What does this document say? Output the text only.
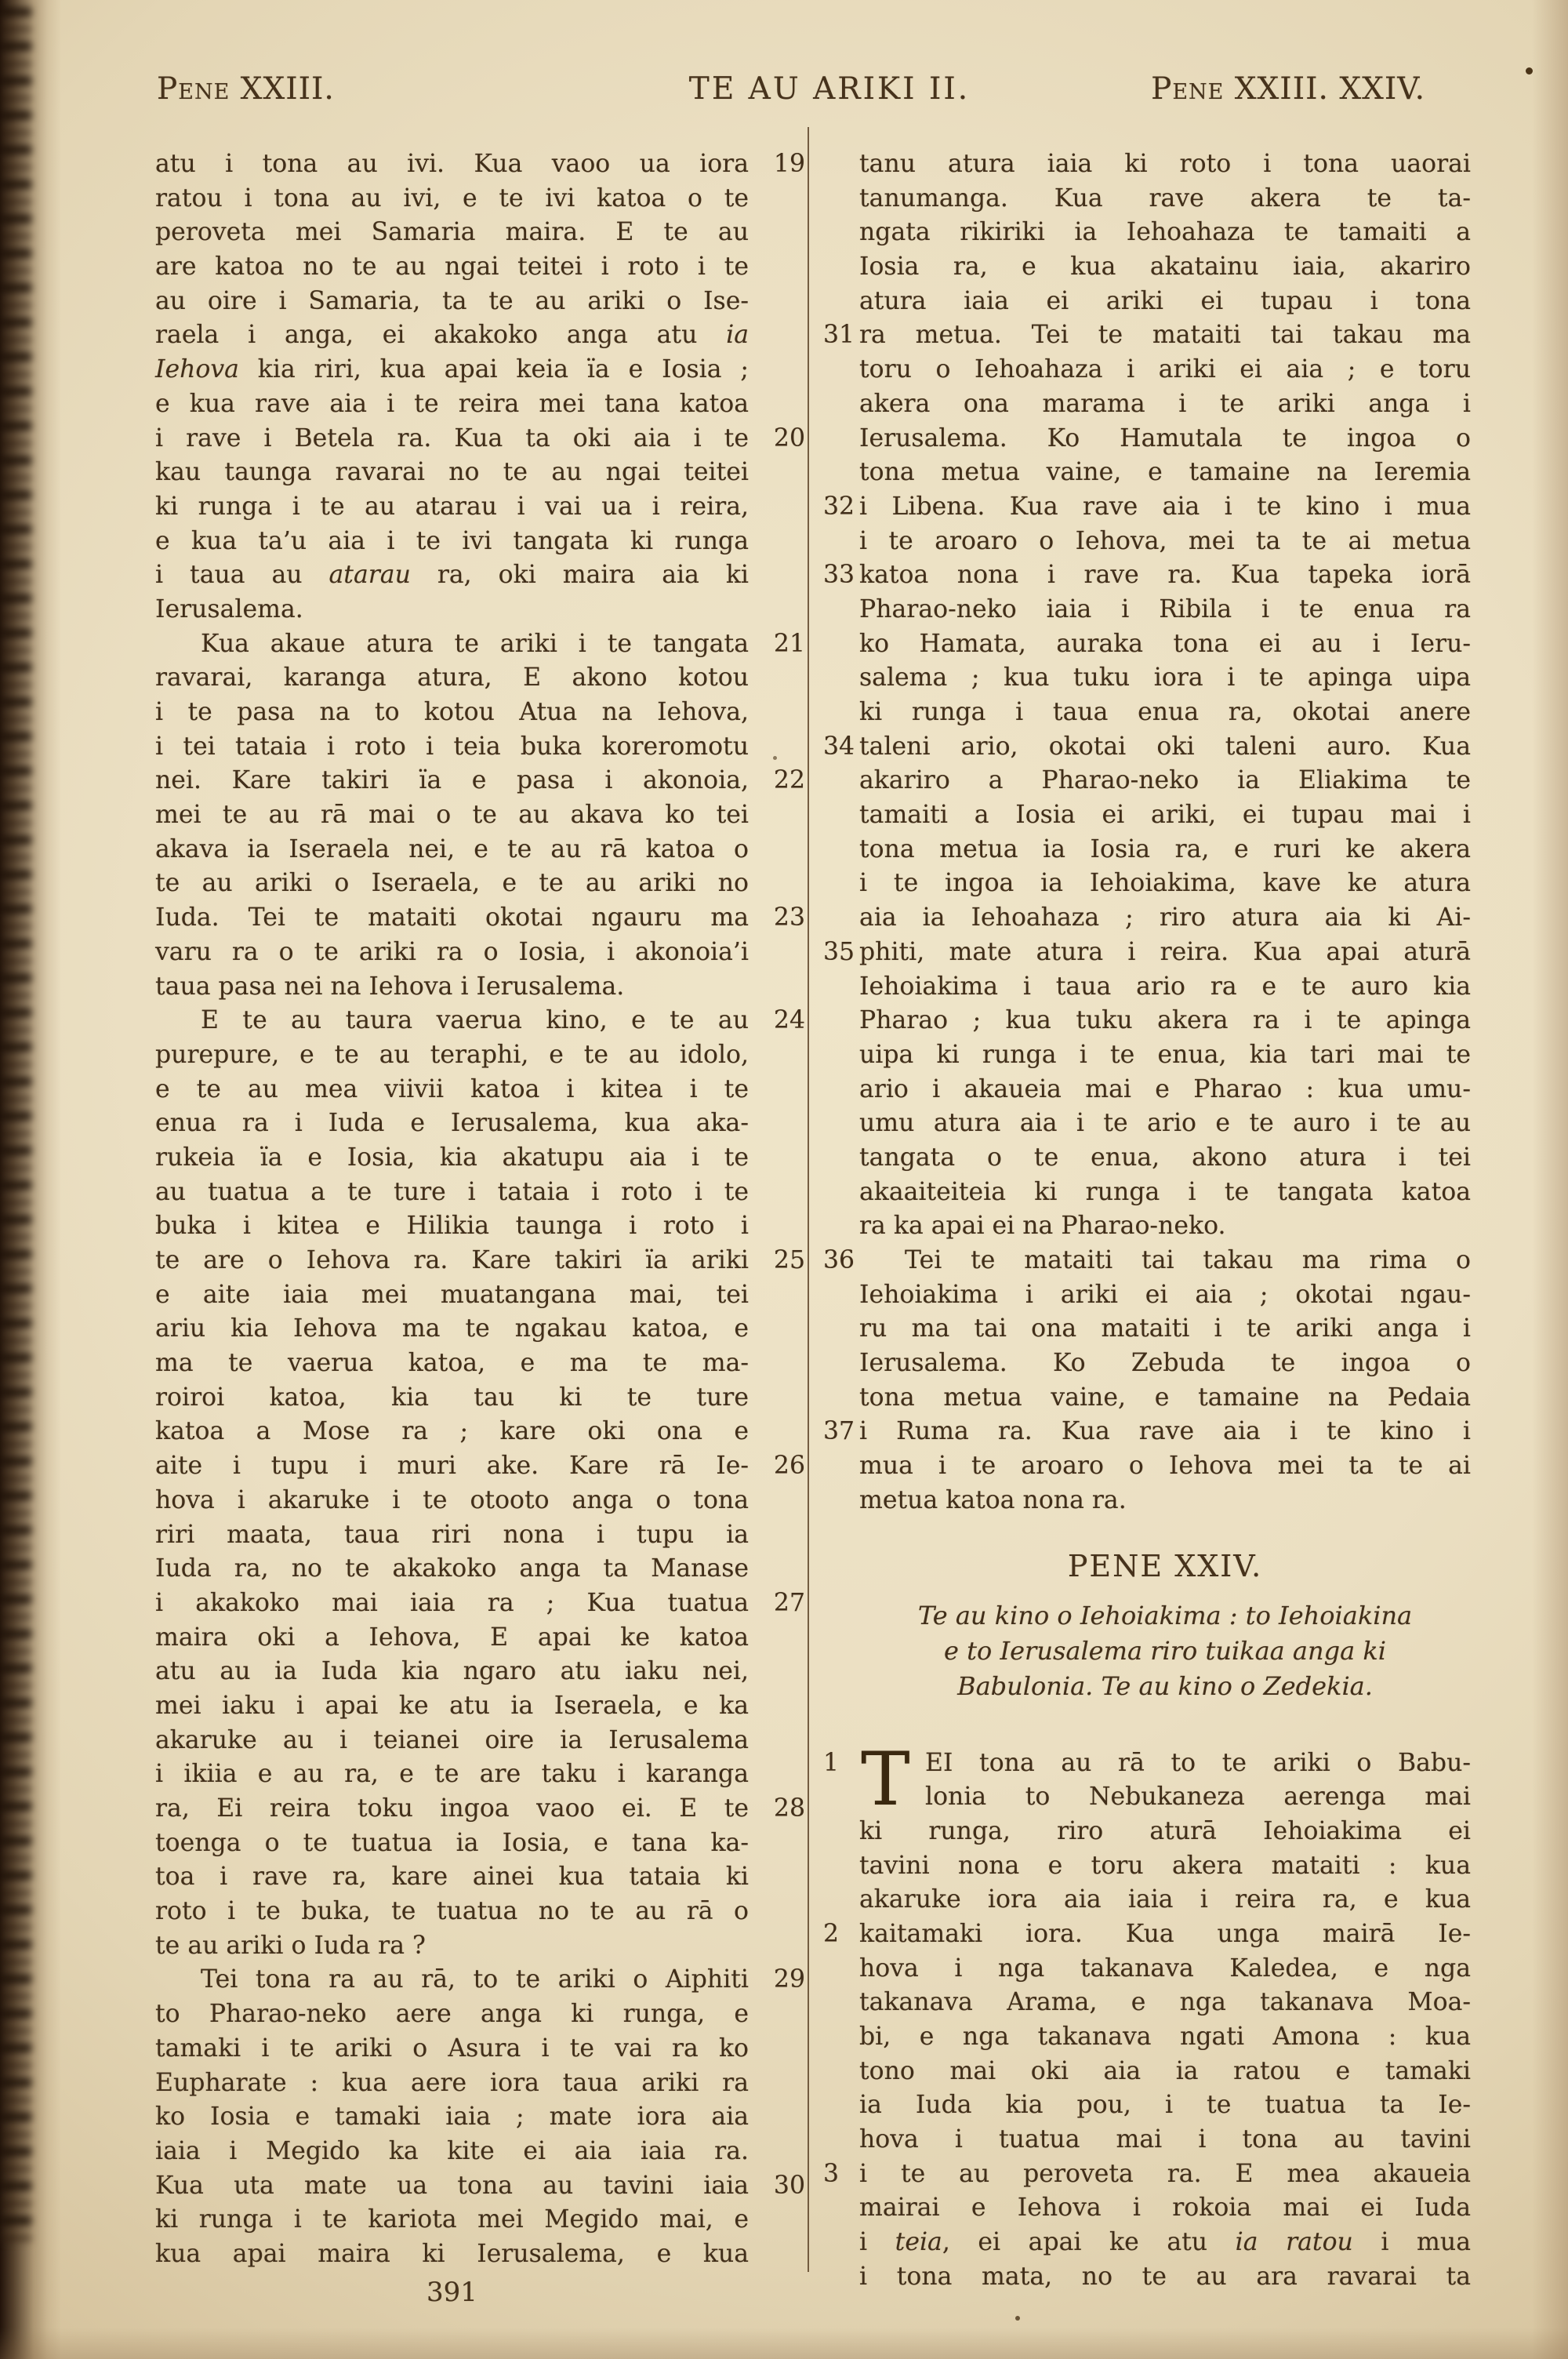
Pene XXIII.	TE AU ARIKI II.	Pene XXIII. XXIV.
atu i tona au ivi. Kua vaoo ua iora 19
ratou i tona au ivi, e te ivi katoa o te
peroveta mei Samaria maira. E te au
are katoa no te au ngai teitei i roto i te
au oire i Samaria, ta te au ariki o Ise-
raela i anga, ei akakoko anga atu ia
Iehova kia riri, kua apai keia ïa e Iosia ;
e kua rave aia i te reira mei tana katoa
i rave i Betela ra. Kua ta oki aia i te 20
kau taunga ravarai no te au ngai teitei
ki runga i te au atarau i vai ua i reira,
e kua ta’u aia i te ivi tangata ki runga
i taua au atarau ra, oki maira aia ki
Ierusalema.
Kua akaue atura te ariki i te tangata 21
ravarai, karanga atura, E akono kotou
i te pasa na to kotou Atua na Iehova,
i tei tataia i roto i teia buka koreromotu
nei. Kare takiri ïa e pasa i akonoia, 22
mei te au rā mai o te au akava ko tei
akava ia Iseraela nei, e te au rā katoa o
te au ariki o Iseraela, e te au ariki no
Iuda. Tei te mataiti okotai ngauru ma 23
varu ra o te ariki ra o Iosia, i akonoia’i
taua pasa nei na Iehova i Ierusalema.
E te au taura vaerua kino, e te au 24
purepure, e te au teraphi, e te au idolo,
e te au mea viivii katoa i kitea i te
enua ra i Iuda e Ierusalema, kua aka-
rukeia ïa e Iosia, kia akatupu aia i te
au tuatua a te ture i tataia i roto i te
buka i kitea e Hilikia taunga i roto i
te are o Iehova ra. Kare takiri ïa ariki 25
e aite iaia mei muatangana mai, tei
ariu kia Iehova ma te ngakau katoa, e
ma te vaerua katoa, e ma te ma-
roiroi katoa, kia tau ki te ture
katoa a Mose ra ; kare oki ona e
aite i tupu i muri ake. Kare rā Ie- 26
hova i akaruke i te otooto anga o tona
riri maata, taua riri nona i tupu ia
Iuda ra, no te akakoko anga ta Manase
i akakoko mai iaia ra ; Kua tuatua 27
maira oki a Iehova, E apai ke katoa
atu au ia Iuda kia ngaro atu iaku nei,
mei iaku i apai ke atu ia Iseraela, e ka
akaruke au i teianei oire ia Ierusalema
i ikiia e au ra, e te are taku i karanga
ra, Ei reira toku ingoa vaoo ei. E te 28
toenga o te tuatua ia Iosia, e tana ka-
toa i rave ra, kare ainei kua tataia ki
roto i te buka, te tuatua no te au rā o
te au ariki o Iuda ra ?
Tei tona ra au rā, to te ariki o Aiphiti 29
to Pharao-neko aere anga ki runga, e
tamaki i te ariki o Asura i te vai ra ko
Eupharate : kua aere iora taua ariki ra
ko Iosia e tamaki iaia ; mate iora aia
iaia i Megido ka kite ei aia iaia ra.
Kua uta mate ua tona au tavini iaia 30
ki runga i te kariota mei Megido mai, e
kua apai maira ki Ierusalema, e kua
tanu atura iaia ki roto i tona uaorai
tanumanga. Kua rave akera te ta-
ngata rikiriki ia Iehoahaza te tamaiti a
Iosia ra, e kua akatainu iaia, akariro
atura iaia ei ariki ei tupau i tona
ra metua. Tei te mataiti tai takau ma
31
toru o Iehoahaza i ariki ei aia ; e toru
akera ona marama i te ariki anga i
Ierusalema. Ko Hamutala te ingoa o
tona metua vaine, e tamaine na Ieremia
i Libena. Kua rave aia i te kino i mua
32
i te aroaro o Iehova, mei ta te ai metua
katoa nona i rave ra. Kua tapeka iorā
33
Pharao-neko iaia i Ribila i te enua ra
ko Hamata, auraka tona ei au i Ieru-
salema ; kua tuku iora i te apinga uipa
ki runga i taua enua ra, okotai anere
taleni ario, okotai oki taleni auro. Kua
34
akariro a Pharao-neko ia Eliakima te
tamaiti a Iosia ei ariki, ei tupau mai i
tona metua ia Iosia ra, e ruri ke akera
i te ingoa ia Iehoiakima, kave ke atura
aia ia Iehoahaza ; riro atura aia ki Ai-
phiti, mate atura i reira. Kua apai aturā
35
Iehoiakima i taua ario ra e te auro kia
Pharao ; kua tuku akera ra i te apinga
uipa ki runga i te enua, kia tari mai te
ario i akaueia mai e Pharao : kua umu-
umu atura aia i te ario e te auro i te au
tangata o te enua, akono atura i tei
akaaiteiteia ki runga i te tangata katoa
ra ka apai ei na Pharao-neko.
Tei te mataiti tai takau ma rima o
36
Iehoiakima i ariki ei aia ; okotai ngau-
ru ma tai ona mataiti i te ariki anga i
Ierusalema. Ko Zebuda te ingoa o
tona metua vaine, e tamaine na Pedaia
i Ruma ra. Kua rave aia i te kino i
37
mua i te aroaro o Iehova mei ta te ai
metua katoa nona ra.
PENE XXIV.
Te au kino o Iehoiakima : to Iehoiakina
e to Ierusalema riro tuikaa anga ki
Babulonia. Te au kino o Zedekia.
1 T EI tona au rā to te ariki o Babu-
lonia to Nebukaneza aerenga mai
ki runga, riro aturā Iehoiakima ei
tavini nona e toru akera mataiti : kua
akaruke iora aia iaia i reira ra, e kua
kaitamaki iora. Kua unga mairā Ie-
2
hova i nga takanava Kaledea, e nga
takanava Arama, e nga takanava Moa-
bi, e nga takanava ngati Amona : kua
tono mai oki aia ia ratou e tamaki
ia Iuda kia pou, i te tuatua ta Ie-
hova i tuatua mai i tona au tavini
i te au peroveta ra. E mea akaueia
3
mairai e Iehova i rokoia mai ei Iuda
i teia, ei apai ke atu ia ratou i mua
i tona mata, no te au ara ravarai ta
391
